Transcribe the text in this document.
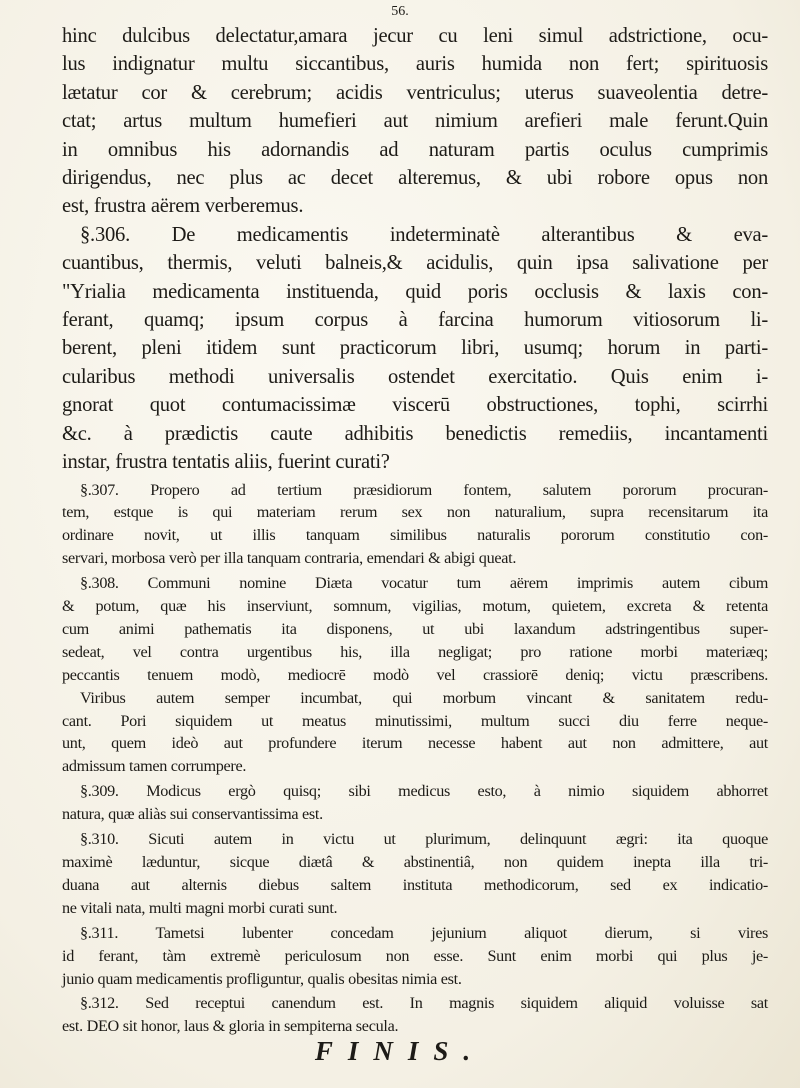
56.

hinc dulcibus delectatur,amara jecur cu leni simul adstrictione, ocu-

lus indignatur multu siccantibus, auris humida non fert; spirituosis

lætatur cor & cerebrum; acidis ventriculus; uterus suaveolentia detre-

ctat; artus multum humefieri aut nimium arefieri male ferunt.Quin

in omnibus his adornandis ad naturam partis oculus cumprimis

dirigendus, nec plus ac decet alteremus, & ubi robore opus non

est, frustra aërem verberemus.

§.306. De medicamentis indeterminatè alterantibus & eva-

cuantibus, thermis, veluti balneis,& acidulis, quin ipsa salivatione per

"Yrialia medicamenta instituenda, quid poris occlusis & laxis con-

ferant, quamq; ipsum corpus à farcina humorum vitiosorum li-

berent, pleni itidem sunt practicorum libri, usumq; horum in parti-

cularibus methodi universalis ostendet exercitatio. Quis enim i-

gnorat quot contumacissimæ viscerū obstructiones, tophi, scirrhi

&c. à prædictis caute adhibitis benedictis remediis, incantamenti

instar, frustra tentatis aliis, fuerint curati?

§.307. Propero ad tertium præsidiorum fontem, salutem pororum procuran-

tem, estque is qui materiam rerum sex non naturalium, supra recensitarum ita

ordinare novit, ut illis tanquam similibus naturalis pororum constitutio con-

servari, morbosa verò per illa tanquam contraria, emendari & abigi queat.

§.308. Communi nomine Diæta vocatur tum aërem imprimis autem cibum

& potum, quæ his inserviunt, somnum, vigilias, motum, quietem, excreta & retenta

cum animi pathematis ita disponens, ut ubi laxandum adstringentibus super-

sedeat, vel contra urgentibus his, illa negligat; pro ratione morbi materiæq;

peccantis tenuem modò, mediocrē modò vel crassiorē deniq; victu præscribens.

Viribus autem semper incumbat, qui morbum vincant & sanitatem redu-

cant. Pori siquidem ut meatus minutissimi, multum succi diu ferre neque-

unt, quem ideò aut profundere iterum necesse habent aut non admittere, aut

admissum tamen corrumpere.

§.309. Modicus ergò quisq; sibi medicus esto, à nimio siquidem abhorret

natura, quæ aliàs sui conservantissima est.

§.310. Sicuti autem in victu ut plurimum, delinquunt ægri: ita quoque

maximè læduntur, sicque diætâ & abstinentiâ, non quidem inepta illa tri-

duana aut alternis diebus saltem instituta methodicorum, sed ex indicatio-

ne vitali nata, multi magni morbi curati sunt.

§.311. Tametsi lubenter concedam jejunium aliquot dierum, si vires

id ferant, tàm extremè periculosum non esse. Sunt enim morbi qui plus je-

junio quam medicamentis profliguntur, qualis obesitas nimia est.

§.312. Sed receptui canendum est. In magnis siquidem aliquid voluisse sat

est. DEO sit honor, laus & gloria in sempiterna secula.

FINIS.
